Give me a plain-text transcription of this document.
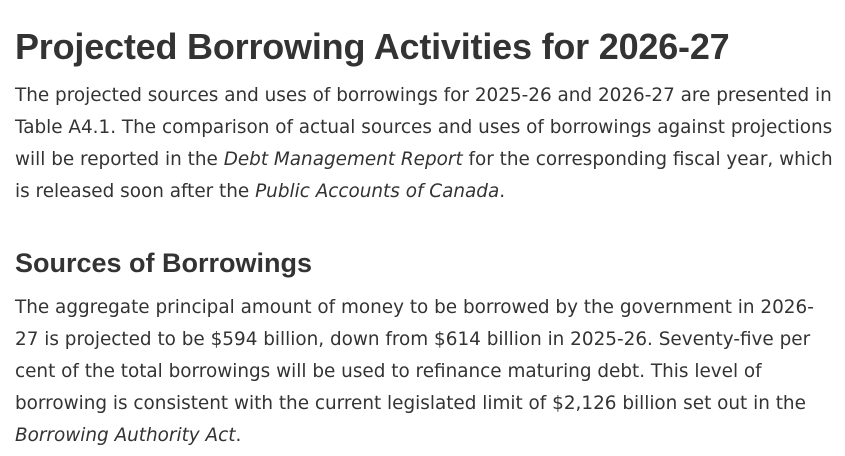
Projected Borrowing Activities for 2026-27

The projected sources and uses of borrowings for 2025-26 and 2026-27 are presented in Table A4.1. The comparison of actual sources and uses of borrowings against projections will be reported in the Debt Management Report for the corresponding fiscal year, which is released soon after the Public Accounts of Canada.

Sources of Borrowings

The aggregate principal amount of money to be borrowed by the government in 2026-27 is projected to be $594 billion, down from $614 billion in 2025-26. Seventy-five per cent of the total borrowings will be used to refinance maturing debt. This level of borrowing is consistent with the current legislated limit of $2,126 billion set out in the Borrowing Authority Act.
